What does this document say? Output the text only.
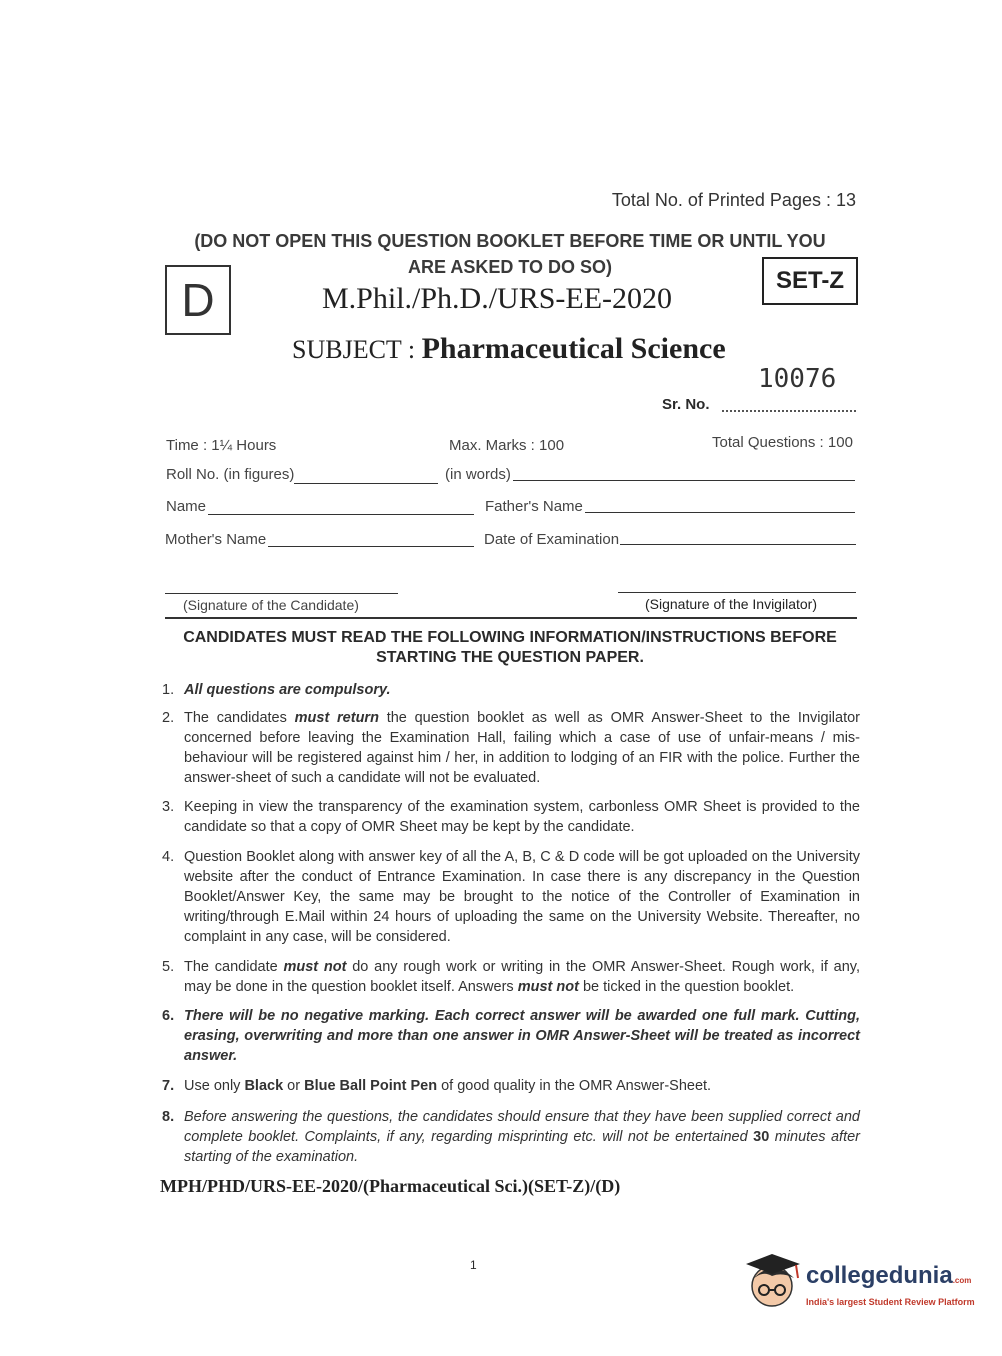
Total No. of Printed Pages : 13
(DO NOT OPEN THIS QUESTION BOOKLET BEFORE TIME OR UNTIL YOU
ARE ASKED TO DO SO)
D	SET-Z
M.Phil./Ph.D./URS-EE-2020
SUBJECT : Pharmaceutical Science
10076
Sr. No.
Time : 1¼ Hours	Max. Marks : 100	Total Questions : 100
Roll No. (in figures)	(in words)
Name	Father's Name
Mother's Name	Date of Examination
(Signature of the Candidate)	(Signature of the Invigilator)
CANDIDATES MUST READ THE FOLLOWING INFORMATION/INSTRUCTIONS BEFORE
STARTING THE QUESTION PAPER.
1. All questions are compulsory.
2. The candidates must return the question booklet as well as OMR Answer-Sheet to the Invigilator concerned before leaving the Examination Hall, failing which a case of use of unfair-means / mis-behaviour will be registered against him / her, in addition to lodging of an FIR with the police. Further the answer-sheet of such a candidate will not be evaluated.
3. Keeping in view the transparency of the examination system, carbonless OMR Sheet is provided to the candidate so that a copy of OMR Sheet may be kept by the candidate.
4. Question Booklet along with answer key of all the A, B, C & D code will be got uploaded on the University website after the conduct of Entrance Examination. In case there is any discrepancy in the Question Booklet/Answer Key, the same may be brought to the notice of the Controller of Examination in writing/through E.Mail within 24 hours of uploading the same on the University Website. Thereafter, no complaint in any case, will be considered.
5. The candidate must not do any rough work or writing in the OMR Answer-Sheet. Rough work, if any, may be done in the question booklet itself. Answers must not be ticked in the question booklet.
6. There will be no negative marking. Each correct answer will be awarded one full mark. Cutting, erasing, overwriting and more than one answer in OMR Answer-Sheet will be treated as incorrect answer.
7. Use only Black or Blue Ball Point Pen of good quality in the OMR Answer-Sheet.
8. Before answering the questions, the candidates should ensure that they have been supplied correct and complete booklet. Complaints, if any, regarding misprinting etc. will not be entertained 30 minutes after starting of the examination.
MPH/PHD/URS-EE-2020/(Pharmaceutical Sci.)(SET-Z)/(D)
1	collegedunia.com
India's largest Student Review Platform
